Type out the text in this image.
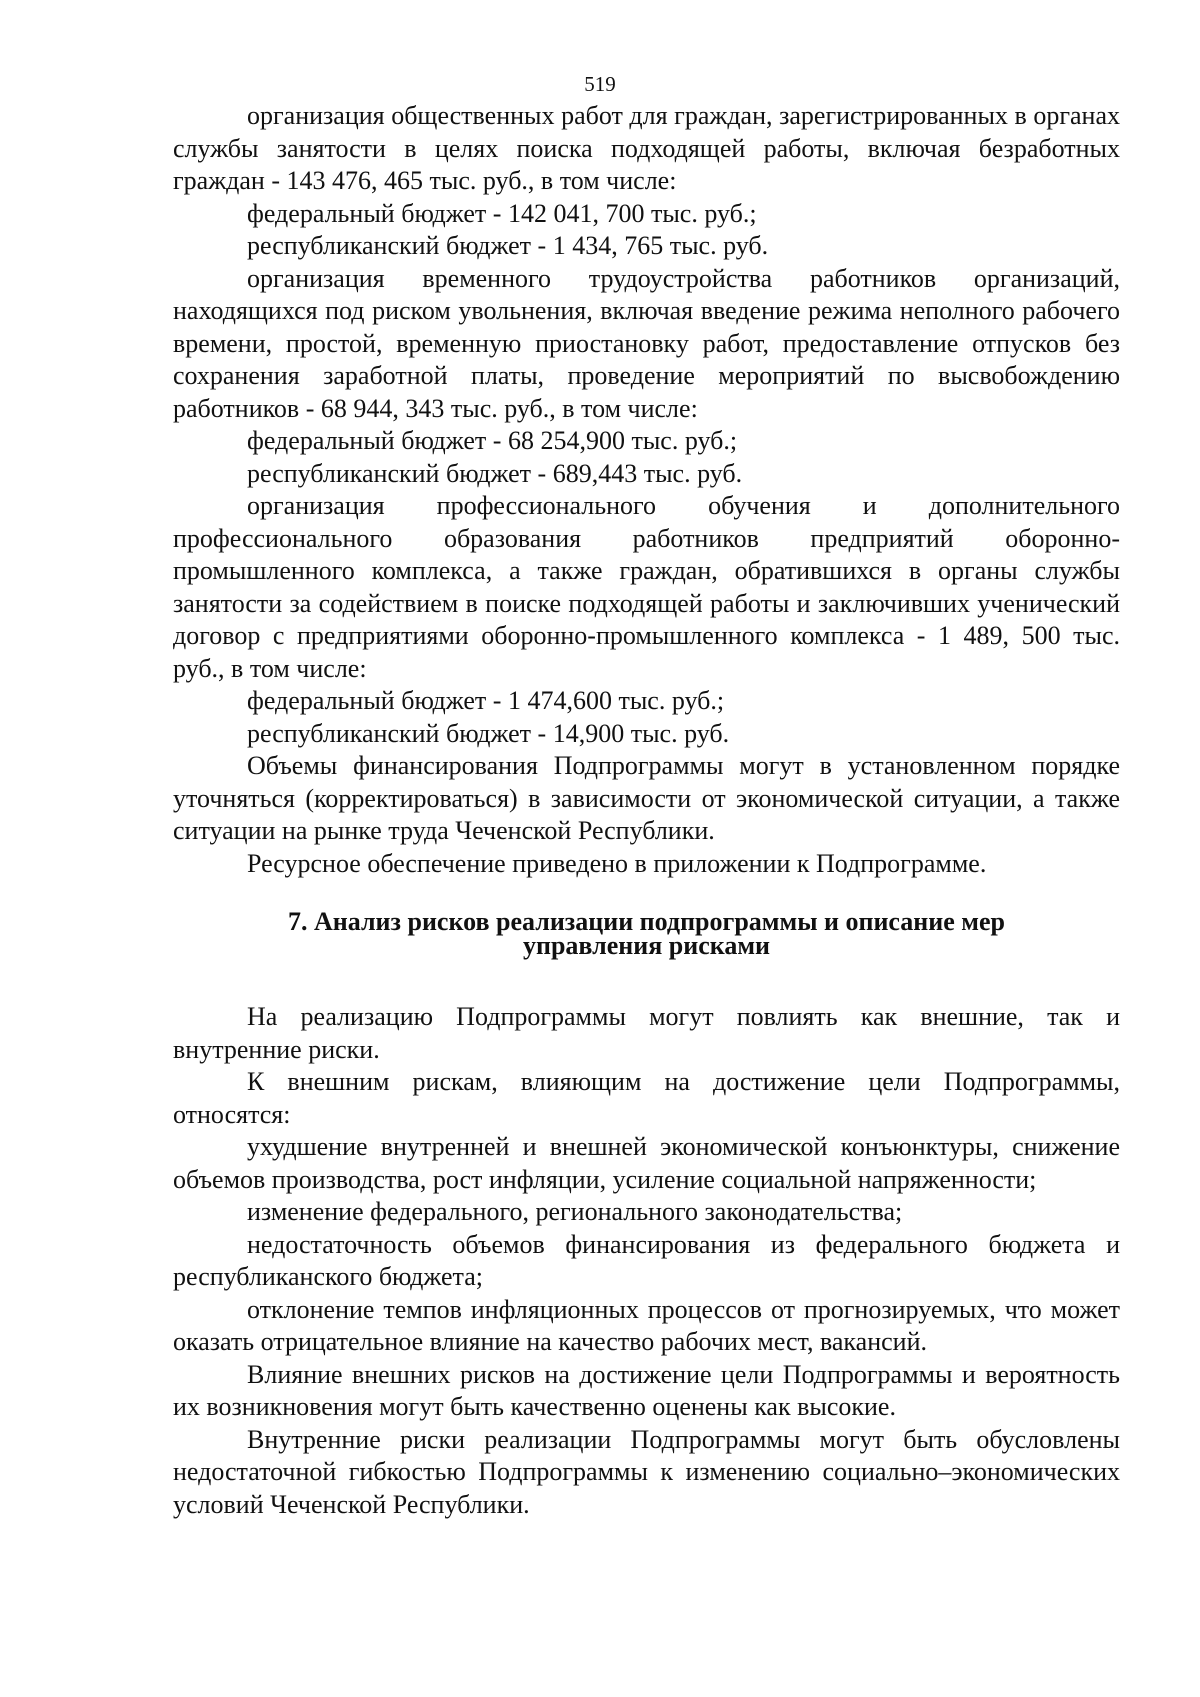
519

организация общественных работ для граждан, зарегистрированных в органах службы занятости в целях поиска подходящей работы, включая безработных граждан - 143 476, 465 тыс. руб., в том числе:

федеральный бюджет - 142 041, 700 тыс. руб.;

республиканский бюджет - 1 434, 765 тыс. руб.

организация временного трудоустройства работников организаций, находящихся под риском увольнения, включая введение режима неполного рабочего времени, простой, временную приостановку работ, предоставление отпусков без сохранения заработной платы, проведение мероприятий по высвобождению работников - 68 944, 343 тыс. руб., в том числе:

федеральный бюджет - 68 254,900 тыс. руб.;

республиканский бюджет - 689,443 тыс. руб.

организация профессионального обучения и дополнительного профессионального образования работников предприятий оборонно-промышленного комплекса, а также граждан, обратившихся в органы службы занятости за содействием в поиске подходящей работы и заключивших ученический договор с предприятиями оборонно-промышленного комплекса - 1 489, 500 тыс. руб., в том числе:

федеральный бюджет - 1 474,600 тыс. руб.;

республиканский бюджет - 14,900 тыс. руб.

Объемы финансирования Подпрограммы могут в установленном порядке уточняться (корректироваться) в зависимости от экономической ситуации, а также ситуации на рынке труда Чеченской Республики.

Ресурсное обеспечение приведено в приложении к Подпрограмме.

7. Анализ рисков реализации подпрограммы и описание мер
управления рисками

На реализацию Подпрограммы могут повлиять как внешние, так и внутренние риски.

К внешним рискам, влияющим на достижение цели Подпрограммы, относятся:

ухудшение внутренней и внешней экономической конъюнктуры, снижение объемов производства, рост инфляции, усиление социальной напряженности;

изменение федерального, регионального законодательства;

недостаточность объемов финансирования из федерального бюджета и республиканского бюджета;

отклонение темпов инфляционных процессов от прогнозируемых, что может оказать отрицательное влияние на качество рабочих мест, вакансий.

Влияние внешних рисков на достижение цели Подпрограммы и вероятность их возникновения могут быть качественно оценены как высокие.

Внутренние риски реализации Подпрограммы могут быть обусловлены недостаточной гибкостью Подпрограммы к изменению социально–экономических условий Чеченской Республики.
